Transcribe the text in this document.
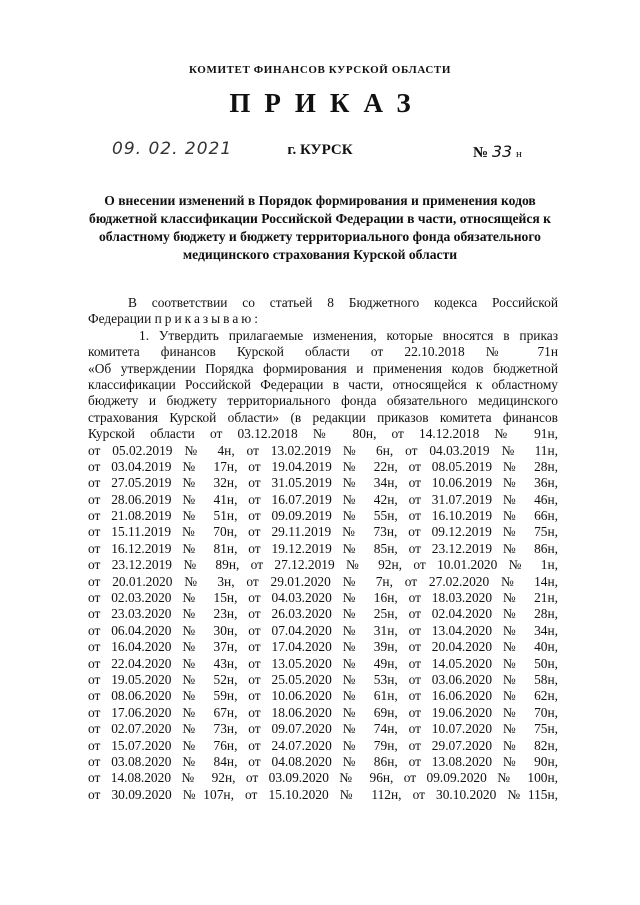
КОМИТЕТ ФИНАНСОВ КУРСКОЙ ОБЛАСТИ
ПРИКАЗ
09. 02. 2021	г. КУРСК	№ 33 н
О внесении изменений в Порядок формирования и применения кодов бюджетной классификации Российской Федерации в части, относящейся к областному бюджету и бюджету территориального фонда обязательного медицинского страхования Курской области
В соответствии со статьей 8 Бюджетного кодекса Российской
Федерации приказываю:
1. Утвердить прилагаемые изменения, которые вносятся в приказ
комитета финансов Курской области от 22.10.2018 № 71н
«Об утверждении Порядка формирования и применения кодов бюджетной
классификации Российской Федерации в части, относящейся к областному
бюджету и бюджету территориального фонда обязательного медицинского
страхования Курской области» (в редакции приказов комитета финансов
Курской области от 03.12.2018 № 80н, от 14.12.2018 № 91н,
от 05.02.2019 № 4н, от 13.02.2019 № 6н, от 04.03.2019 № 11н,
от 03.04.2019 № 17н, от 19.04.2019 № 22н, от 08.05.2019 № 28н,
от 27.05.2019 № 32н, от 31.05.2019 № 34н, от 10.06.2019 № 36н,
от 28.06.2019 № 41н, от 16.07.2019 № 42н, от 31.07.2019 № 46н,
от 21.08.2019 № 51н, от 09.09.2019 № 55н, от 16.10.2019 № 66н,
от 15.11.2019 № 70н, от 29.11.2019 № 73н, от 09.12.2019 № 75н,
от 16.12.2019 № 81н, от 19.12.2019 № 85н, от 23.12.2019 № 86н,
от 23.12.2019 № 89н, от 27.12.2019 № 92н, от 10.01.2020 № 1н,
от 20.01.2020 № 3н, от 29.01.2020 № 7н, от 27.02.2020 № 14н,
от 02.03.2020 № 15н, от 04.03.2020 № 16н, от 18.03.2020 № 21н,
от 23.03.2020 № 23н, от 26.03.2020 № 25н, от 02.04.2020 № 28н,
от 06.04.2020 № 30н, от 07.04.2020 № 31н, от 13.04.2020 № 34н,
от 16.04.2020 № 37н, от 17.04.2020 № 39н, от 20.04.2020 № 40н,
от 22.04.2020 № 43н, от 13.05.2020 № 49н, от 14.05.2020 № 50н,
от 19.05.2020 № 52н, от 25.05.2020 № 53н, от 03.06.2020 № 58н,
от 08.06.2020 № 59н, от 10.06.2020 № 61н, от 16.06.2020 № 62н,
от 17.06.2020 № 67н, от 18.06.2020 № 69н, от 19.06.2020 № 70н,
от 02.07.2020 № 73н, от 09.07.2020 № 74н, от 10.07.2020 № 75н,
от 15.07.2020 № 76н, от 24.07.2020 № 79н, от 29.07.2020 № 82н,
от 03.08.2020 № 84н, от 04.08.2020 № 86н, от 13.08.2020 № 90н,
от 14.08.2020 № 92н, от 03.09.2020 № 96н, от 09.09.2020 № 100н,
от 30.09.2020 №107н, от 15.10.2020 № 112н, от 30.10.2020 №115н,
